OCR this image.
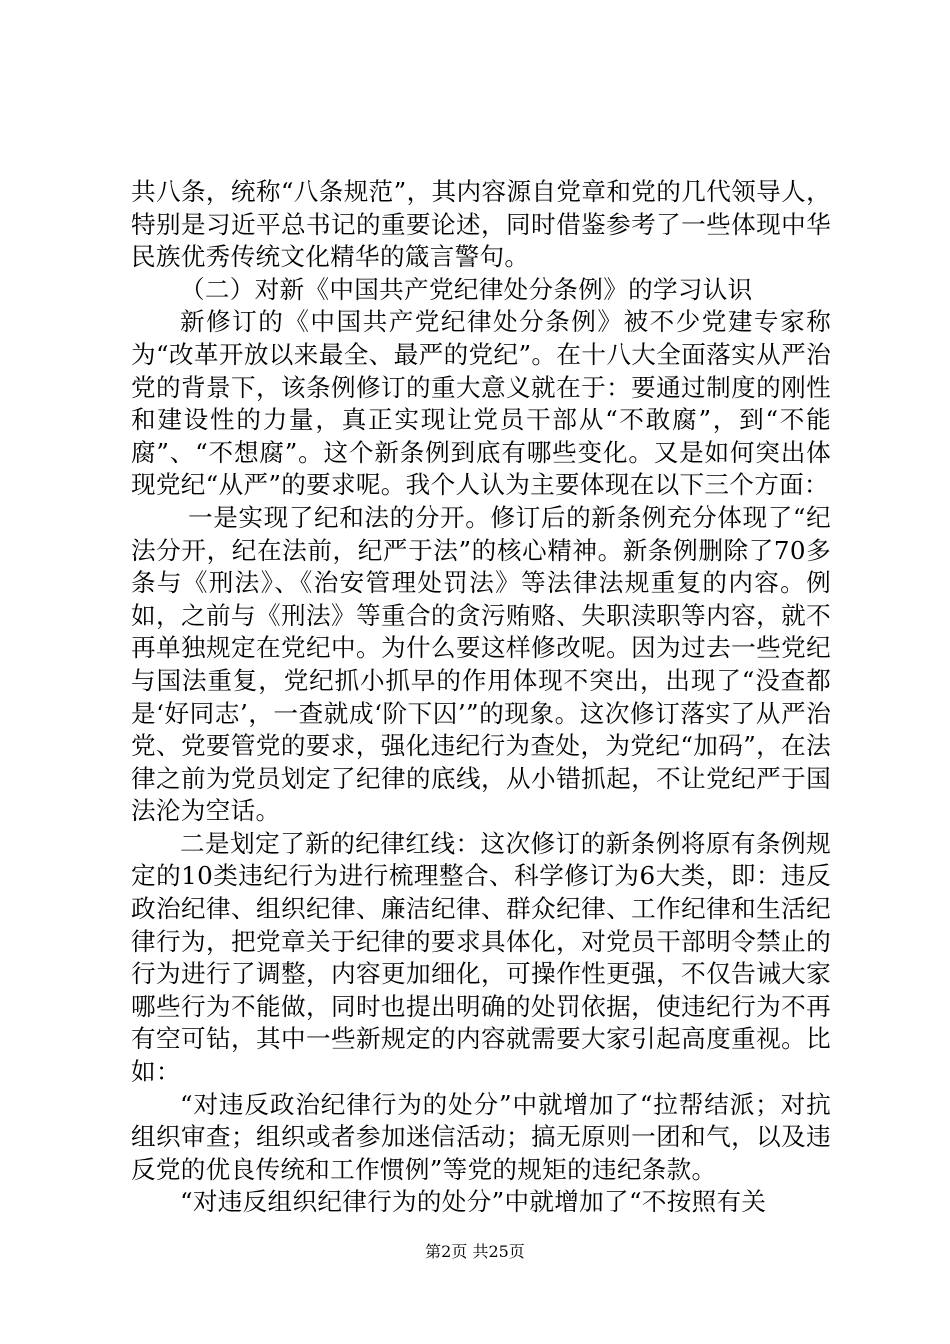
共八条，统称“八条规范”，其内容源自党章和党的几代领导人，特别是习近平总书记的重要论述，同时借鉴参考了一些体现中华民族优秀传统文化精华的箴言警句。

（二）对新《中国共产党纪律处分条例》的学习认识

新修订的《中国共产党纪律处分条例》被不少党建专家称为“改革开放以来最全、最严的党纪”。在十八大全面落实从严治党的背景下，该条例修订的重大意义就在于：要通过制度的刚性和建设性的力量，真正实现让党员干部从“不敢腐”，到“不能腐”、“不想腐”。这个新条例到底有哪些变化。又是如何突出体现党纪“从严”的要求呢。我个人认为主要体现在以下三个方面：

一是实现了纪和法的分开。修订后的新条例充分体现了“纪法分开，纪在法前，纪严于法”的核心精神。新条例删除了70多条与《刑法》、《治安管理处罚法》等法律法规重复的内容。例如，之前与《刑法》等重合的贪污贿赂、失职渎职等内容，就不再单独规定在党纪中。为什么要这样修改呢。因为过去一些党纪与国法重复，党纪抓小抓早的作用体现不突出，出现了“没查都是‘好同志’，一查就成‘阶下囚’”的现象。这次修订落实了从严治党、党要管党的要求，强化违纪行为查处，为党纪“加码”，在法律之前为党员划定了纪律的底线，从小错抓起，不让党纪严于国法沦为空话。

二是划定了新的纪律红线：这次修订的新条例将原有条例规定的10类违纪行为进行梳理整合、科学修订为6大类，即：违反政治纪律、组织纪律、廉洁纪律、群众纪律、工作纪律和生活纪律行为，把党章关于纪律的要求具体化，对党员干部明令禁止的行为进行了调整，内容更加细化，可操作性更强，不仅告诫大家哪些行为不能做，同时也提出明确的处罚依据，使违纪行为不再有空可钻，其中一些新规定的内容就需要大家引起高度重视。比如：

“对违反政治纪律行为的处分”中就增加了“拉帮结派；对抗组织审查；组织或者参加迷信活动；搞无原则一团和气，以及违反党的优良传统和工作惯例”等党的规矩的违纪条款。

“对违反组织纪律行为的处分”中就增加了“不按照有关

第2页 共25页
